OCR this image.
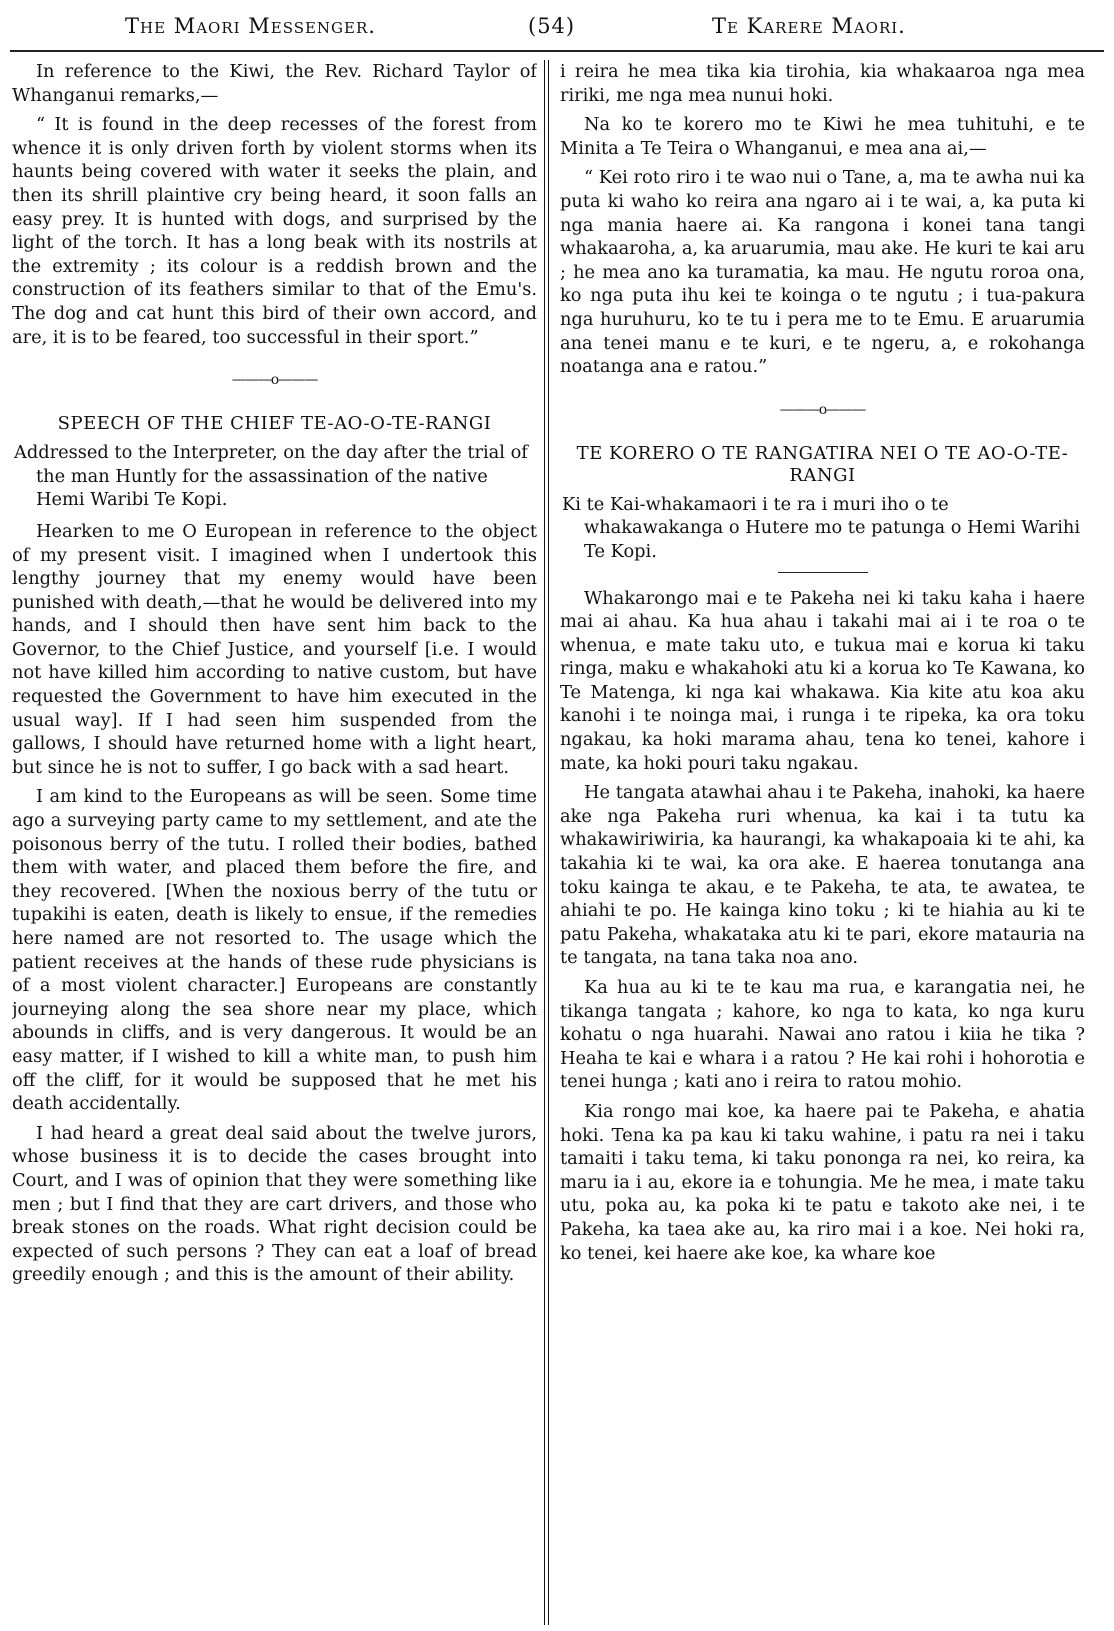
The Maori Messenger.	(54)	Te Karere Maori.

In reference to the Kiwi, the Rev. Richard Taylor of Whanganui remarks,—

“ It is found in the deep recesses of the forest from whence it is only driven forth by violent storms when its haunts being covered with water it seeks the plain, and then its shrill plaintive cry being heard, it soon falls an easy prey. It is hunted with dogs, and surprised by the light of the torch. It has a long beak with its nostrils at the extremity ; its colour is a reddish brown and the construction of its feathers similar to that of the Emu's. The dog and cat hunt this bird of their own accord, and are, it is to be feared, too successful in their sport.”

———o———
SPEECH OF THE CHIEF TE-AO-O-TE-RANGI

Addressed to the Interpreter, on the day after the trial of the man Huntly for the assassination of the native Hemi Waribi Te Kopi.

Hearken to me O European in reference to the object of my present visit. I imagined when I undertook this lengthy journey that my enemy would have been punished with death,—that he would be delivered into my hands, and I should then have sent him back to the Governor, to the Chief Justice, and yourself [i.e. I would not have killed him according to native custom, but have requested the Government to have him executed in the usual way]. If I had seen him suspended from the gallows, I should have returned home with a light heart, but since he is not to suffer, I go back with a sad heart.

I am kind to the Europeans as will be seen. Some time ago a surveying party came to my settlement, and ate the poisonous berry of the tutu. I rolled their bodies, bathed them with water, and placed them before the fire, and they recovered. [When the noxious berry of the tutu or tupakihi is eaten, death is likely to ensue, if the remedies here named are not resorted to. The usage which the patient receives at the hands of these rude physicians is of a most violent character.] Europeans are constantly journeying along the sea shore near my place, which abounds in cliffs, and is very dangerous. It would be an easy matter, if I wished to kill a white man, to push him off the cliff, for it would be supposed that he met his death accidentally.

I had heard a great deal said about the twelve jurors, whose business it is to decide the cases brought into Court, and I was of opinion that they were something like men ; but I find that they are cart drivers, and those who break stones on the roads. What right decision could be expected of such persons ? They can eat a loaf of bread greedily enough ; and this is the amount of their ability.

i reira he mea tika kia tirohia, kia whakaaroa nga mea ririki, me nga mea nunui hoki.

Na ko te korero mo te Kiwi he mea tuhituhi, e te Minita a Te Teira o Whanganui, e mea ana ai,—

“ Kei roto riro i te wao nui o Tane, a, ma te awha nui ka puta ki waho ko reira ana ngaro ai i te wai, a, ka puta ki nga mania haere ai. Ka rangona i konei tana tangi whakaaroha, a, ka aruarumia, mau ake. He kuri te kai aru ; he mea ano ka turamatia, ka mau. He ngutu roroa ona, ko nga puta ihu kei te koinga o te ngutu ; i tua-pakura nga huruhuru, ko te tu i pera me to te Emu. E aruarumia ana tenei manu e te kuri, e te ngeru, a, e rokohanga noatanga ana e ratou.”

———o———
TE KORERO O TE RANGATIRA NEI O TE AO-O-TE-RANGI

Ki te Kai-whakamaori i te ra i muri iho o te whakawakanga o Hutere mo te patunga o Hemi Warihi Te Kopi.

Whakarongo mai e te Pakeha nei ki taku kaha i haere mai ai ahau. Ka hua ahau i takahi mai ai i te roa o te whenua, e mate taku uto, e tukua mai e korua ki taku ringa, maku e whakahoki atu ki a korua ko Te Kawana, ko Te Matenga, ki nga kai whakawa. Kia kite atu koa aku kanohi i te noinga mai, i runga i te ripeka, ka ora toku ngakau, ka hoki marama ahau, tena ko tenei, kahore i mate, ka hoki pouri taku ngakau.

He tangata atawhai ahau i te Pakeha, inahoki, ka haere ake nga Pakeha ruri whenua, ka kai i ta tutu ka whakawiriwiria, ka haurangi, ka whakapoaia ki te ahi, ka takahia ki te wai, ka ora ake. E haerea tonutanga ana toku kainga te akau, e te Pakeha, te ata, te awatea, te ahiahi te po. He kainga kino toku ; ki te hiahia au ki te patu Pakeha, whakataka atu ki te pari, ekore matauria na te tangata, na tana taka noa ano.

Ka hua au ki te te kau ma rua, e karangatia nei, he tikanga tangata ; kahore, ko nga to kata, ko nga kuru kohatu o nga huarahi. Nawai ano ratou i kiia he tika ? Heaha te kai e whara i a ratou ? He kai rohi i hohorotia e tenei hunga ; kati ano i reira to ratou mohio.

Kia rongo mai koe, ka haere pai te Pakeha, e ahatia hoki. Tena ka pa kau ki taku wahine, i patu ra nei i taku tamaiti i taku tema, ki taku pononga ra nei, ko reira, ka maru ia i au, ekore ia e tohungia. Me he mea, i mate taku utu, poka au, ka poka ki te patu e takoto ake nei, i te Pakeha, ka taea ake au, ka riro mai i a koe. Nei hoki ra, ko tenei, kei haere ake koe, ka whare koe
